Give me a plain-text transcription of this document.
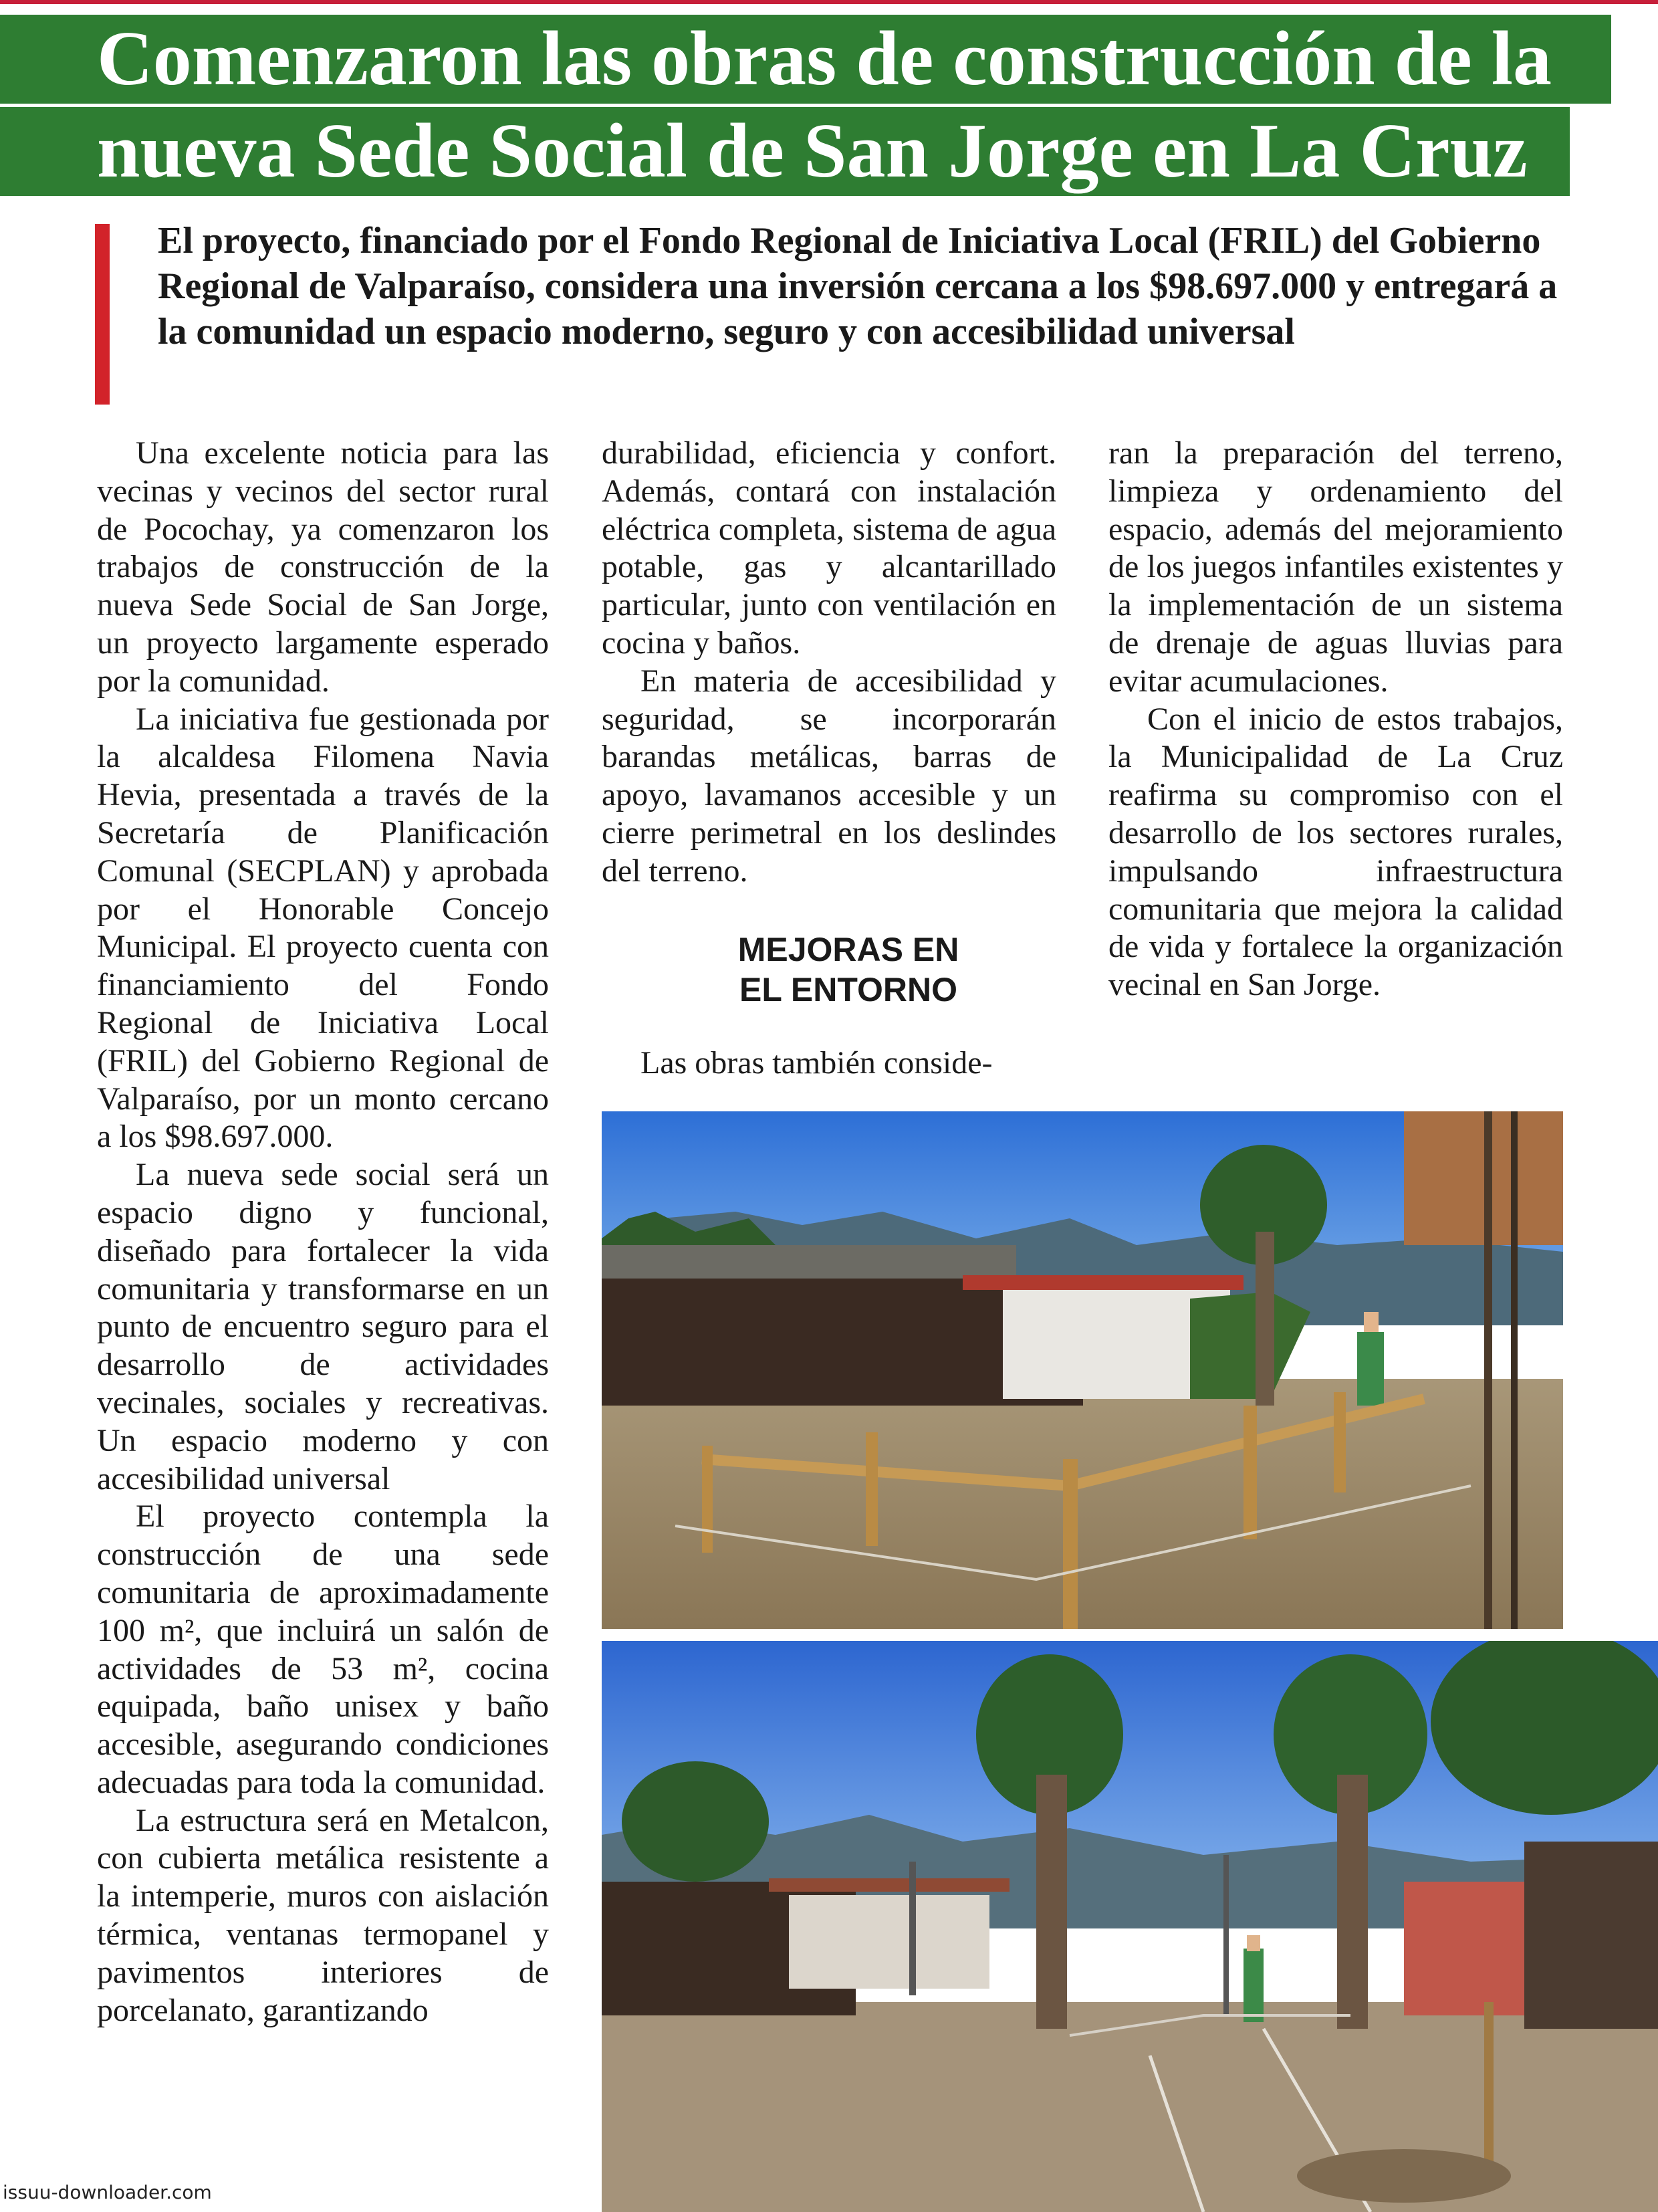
Comenzaron las obras de construcción de la
nueva Sede Social de San Jorge en La Cruz
El proyecto, financiado por el Fondo Regional de Iniciativa Local (FRIL) del Gobierno Regional de Valparaíso, considera una inversión cercana a los $98.697.000 y entregará a la comunidad un espacio moderno, seguro y con accesibilidad universal

Una excelente noticia para las vecinas y vecinos del sector rural de Pocochay, ya comenzaron los trabajos de construcción de la nueva Sede Social de San Jorge, un proyecto largamente esperado por la comunidad.

La iniciativa fue gestionada por la alcaldesa Filomena Navia Hevia, presentada a través de la Secretaría de Planificación Comunal (SECPLAN) y aprobada por el Honorable Concejo Municipal. El proyecto cuenta con financiamiento del Fondo Regional de Iniciativa Local (FRIL) del Gobierno Regional de Valparaíso, por un monto cercano a los $98.697.000.

La nueva sede social será un espacio digno y funcional, diseñado para fortalecer la vida comunitaria y transformarse en un punto de encuentro seguro para el desarrollo de actividades vecinales, sociales y recreativas. Un espacio moderno y con accesibilidad universal

El proyecto contempla la construcción de una sede comunitaria de aproximadamente 100 m², que incluirá un salón de actividades de 53 m², cocina equipada, baño unisex y baño accesible, asegurando condiciones adecuadas para toda la comunidad.

La estructura será en Metalcon, con cubierta metálica resistente a la intemperie, muros con aislación térmica, ventanas termopanel y pavimentos interiores de porcelanato, garantizando

durabilidad, eficiencia y confort. Además, contará con instalación eléctrica completa, sistema de agua potable, gas y alcantarillado particular, junto con ventilación en cocina y baños.

En materia de accesibilidad y seguridad, se incorporarán barandas metálicas, barras de apoyo, lavamanos accesible y un cierre perimetral en los deslindes del terreno.

MEJORAS EN

EL ENTORNO

Las obras también conside-

ran la preparación del terreno, limpieza y ordenamiento del espacio, además del mejoramiento de los juegos infantiles existentes y la implementación de un sistema de drenaje de aguas lluvias para evitar acumulaciones.

Con el inicio de estos trabajos, la Municipalidad de La Cruz reafirma su compromiso con el desarrollo de los sectores rurales, impulsando infraestructura comunitaria que mejora la calidad de vida y fortalece la organización vecinal en San Jorge.

issuu-downloader.com
